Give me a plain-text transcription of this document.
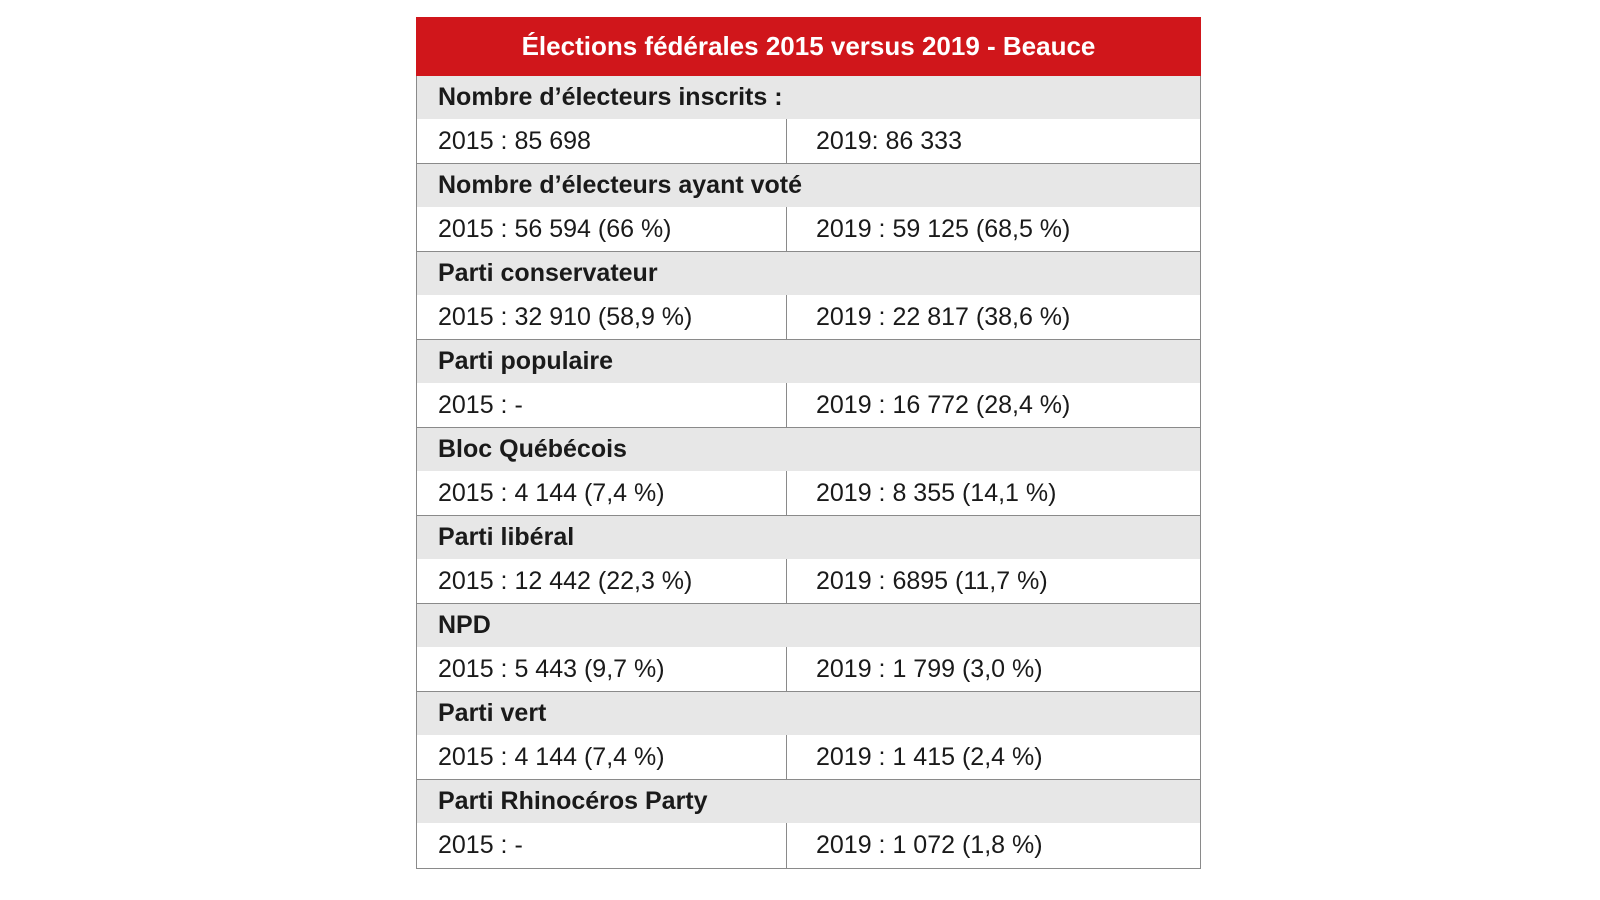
Élections fédérales 2015 versus 2019 - Beauce
Nombre d’électeurs inscrits :
2015 : 85 698	2019: 86 333
Nombre d’électeurs ayant voté
2015 : 56 594 (66 %)	2019 : 59 125 (68,5 %)
Parti conservateur
2015 : 32 910 (58,9 %)	2019 : 22 817 (38,6 %)
Parti populaire
2015 : -	2019 : 16 772 (28,4 %)
Bloc Québécois
2015 : 4 144 (7,4 %)	2019 : 8 355 (14,1 %)
Parti libéral
2015 : 12 442 (22,3 %)	2019 : 6895 (11,7 %)
NPD
2015 : 5 443 (9,7 %)	2019 : 1 799 (3,0 %)
Parti vert
2015 : 4 144 (7,4 %)	2019 : 1 415 (2,4 %)
Parti Rhinocéros Party
2015 : -	2019 : 1 072 (1,8 %)
